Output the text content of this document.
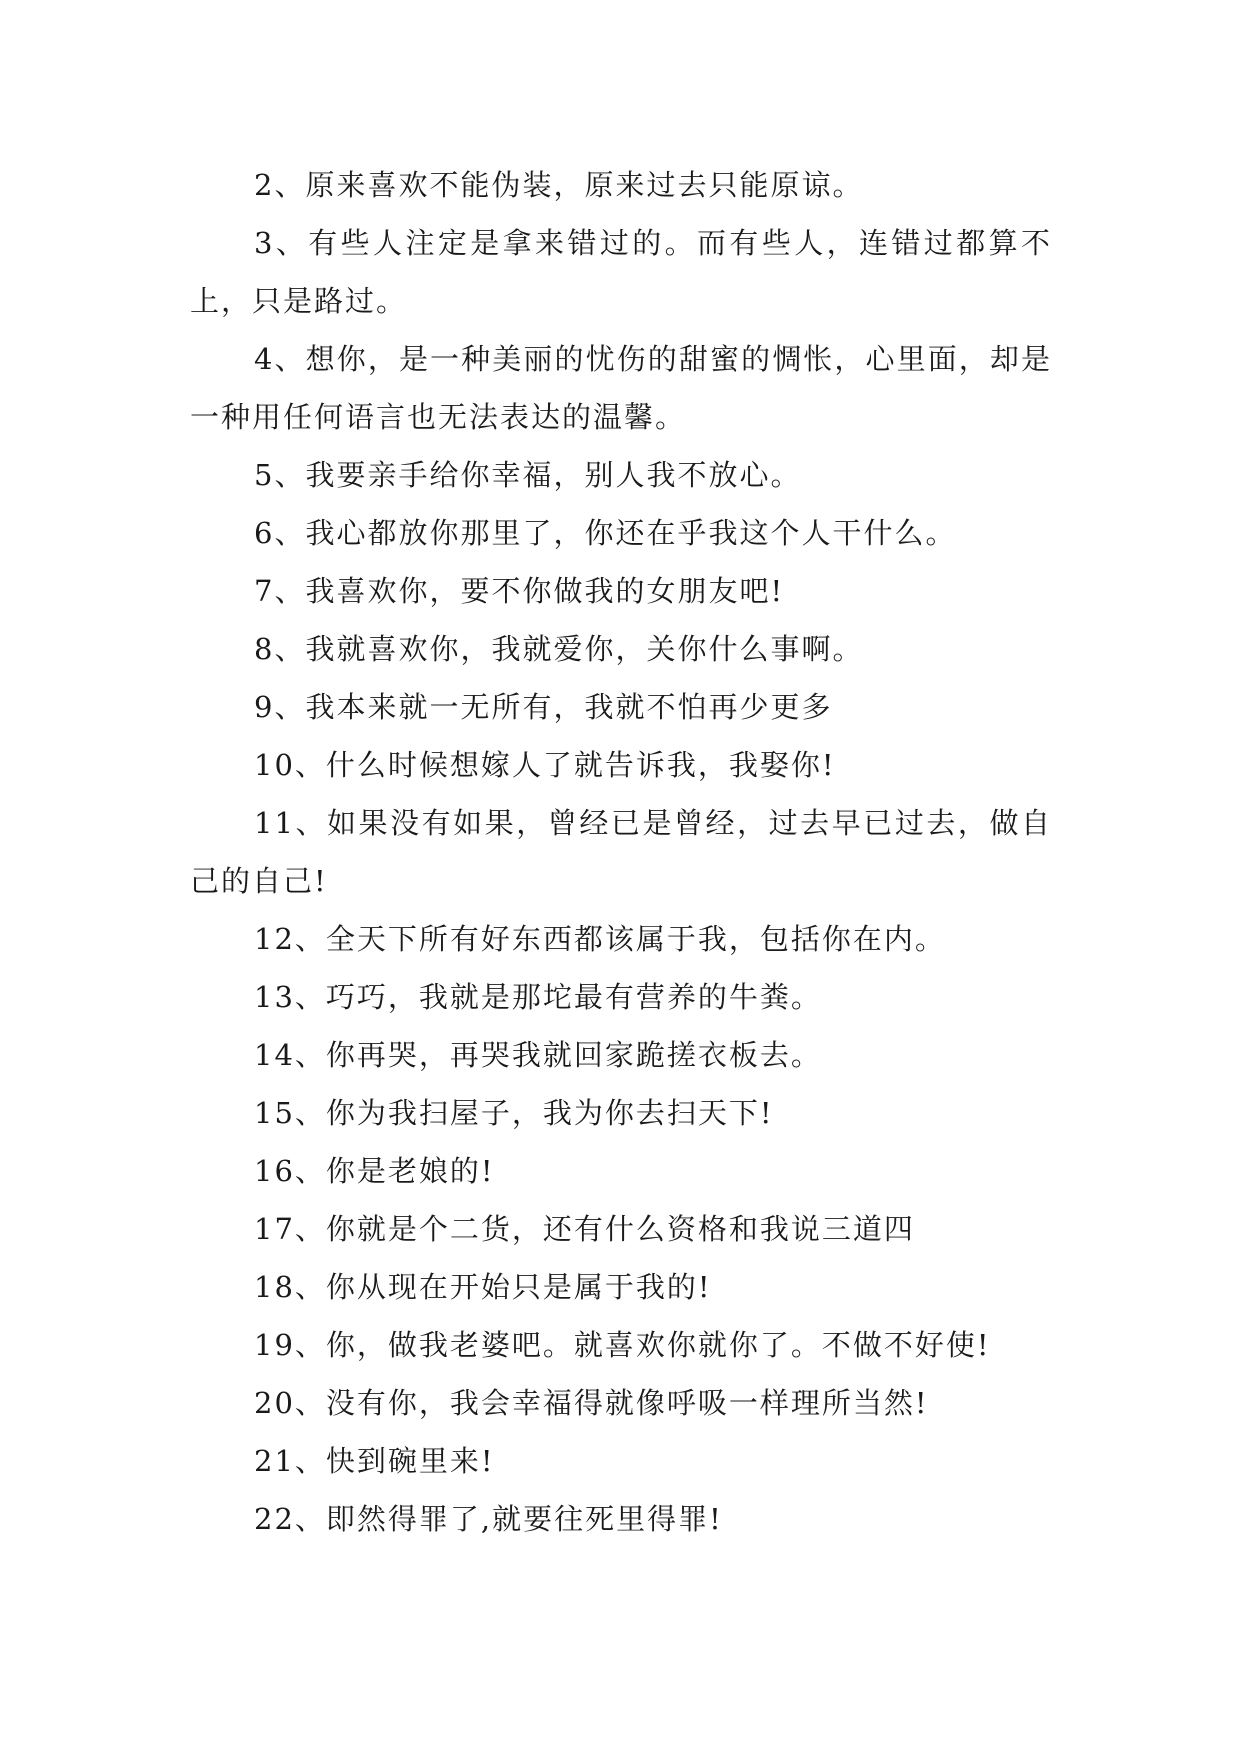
2、原来喜欢不能伪装，原来过去只能原谅。

3、有些人注定是拿来错过的。而有些人，连错过都算不上，只是路过。

4、想你，是一种美丽的忧伤的甜蜜的惆怅，心里面，却是一种用任何语言也无法表达的温馨。

5、我要亲手给你幸福，别人我不放心。

6、我心都放你那里了，你还在乎我这个人干什么。

7、我喜欢你，要不你做我的女朋友吧!

8、我就喜欢你，我就爱你，关你什么事啊。

9、我本来就一无所有，我就不怕再少更多

10、什么时候想嫁人了就告诉我，我娶你!

11、如果没有如果，曾经已是曾经，过去早已过去，做自己的自己!

12、全天下所有好东西都该属于我，包括你在内。

13、巧巧，我就是那坨最有营养的牛粪。

14、你再哭，再哭我就回家跪搓衣板去。

15、你为我扫屋子，我为你去扫天下!

16、你是老娘的!

17、你就是个二货，还有什么资格和我说三道四

18、你从现在开始只是属于我的!

19、你，做我老婆吧。就喜欢你就你了。不做不好使!

20、没有你，我会幸福得就像呼吸一样理所当然!

21、快到碗里来!

22、即然得罪了,就要往死里得罪!
